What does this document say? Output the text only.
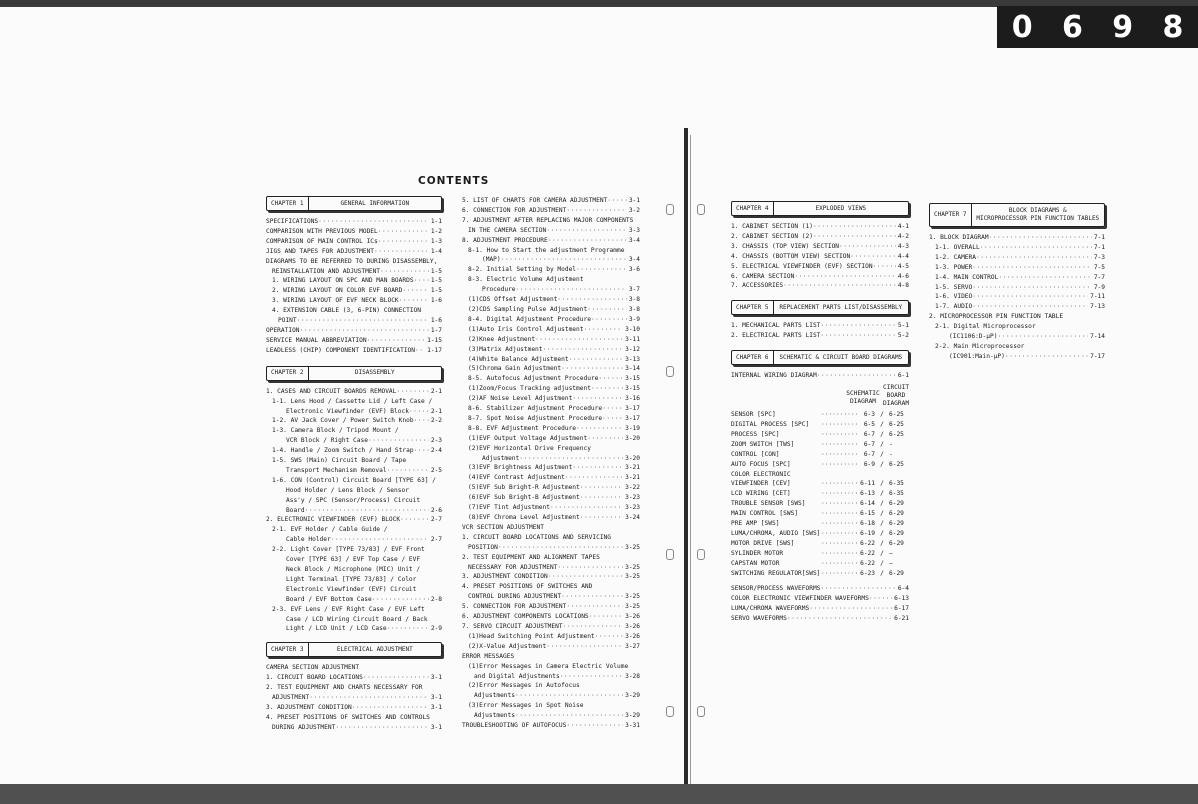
0 6 9 8
CONTENTS
CHAPTER 1	GENERAL INFORMATION
SPECIFICATIONS ·····	1-1
COMPARISON WITH PREVIOUS MODEL ·····	1-2
COMPARISON OF MAIN CONTROL ICs ·····	1-3
JIGS AND TAPES FOR ADJUSTMENT ·····	1-4
DIAGRAMS TO BE REFERRED TO DURING DISASSEMBLY,
REINSTALLATION AND ADJUSTMENT ·····	1-5
1. WIRING LAYOUT ON SPC AND MAN BOARDS ·····	1-5
2. WIRING LAYOUT ON COLOR EVF BOARD ·····	1-5
3. WIRING LAYOUT OF EVF NECK BLOCK ·····	1-6
4. EXTENSION CABLE (3, 6-PIN) CONNECTION
POINT ·····	1-6
OPERATION ·····	1-7
SERVICE MANUAL ABBREVIATION ·····	1-15
LEADLESS (CHIP) COMPONENT IDENTIFICATION ·····	1-17
CHAPTER 2	DISASSEMBLY
1. CASES AND CIRCUIT BOARDS REMOVAL ·····	2-1
1-1. Lens Hood / Cassette Lid / Left Case /
Electronic Viewfinder (EVF) Block ·····	2-1
1-2. AV Jack Cover / Power Switch Knob ·····	2-2
1-3. Camera Block / Tripod Mount /
VCR Block / Right Case ·····	2-3
1-4. Handle / Zoom Switch / Hand Strap ·····	2-4
1-5. SWS (Main) Circuit Board / Tape
Transport Mechanism Removal ·····	2-5
1-6. CON (Control) Circuit Board [TYPE 63] /
Hood Holder / Lens Block / Sensor
Ass'y / SPC (Sensor/Process) Circuit
Board ·····	2-6
2. ELECTRONIC VIEWFINDER (EVF) BLOCK ·····	2-7
2-1. EVF Holder / Cable Guide /
Cable Holder ·····	2-7
2-2. Light Cover [TYPE 73/83] / EVF Front
Cover [TYPE 63] / EVF Top Case / EVF
Neck Block / Microphone (MIC) Unit /
Light Terminal [TYPE 73/83] / Color
Electronic Viewfinder (EVF) Circuit
Board / EVF Bottom Case ·····	2-8
2-3. EVF Lens / EVF Right Case / EVF Left
Case / LCD Wiring Circuit Board / Back
Light / LCD Unit / LCD Case ·····	2-9
CHAPTER 3	ELECTRICAL ADJUSTMENT
CAMERA SECTION ADJUSTMENT
1. CIRCUIT BOARD LOCATIONS ·····	3-1
2. TEST EQUIPMENT AND CHARTS NECESSARY FOR
ADJUSTMENT ·····	3-1
3. ADJUSTMENT CONDITION ·····	3-1
4. PRESET POSITIONS OF SWITCHES AND CONTROLS
DURING ADJUSTMENT ·····	3-1
5. LIST OF CHARTS FOR CAMERA ADJUSTMENT ·····	3-1
6. CONNECTION FOR ADJUSTMENT ·····	3-2
7. ADJUSTMENT AFTER REPLACING MAJOR COMPONENTS
IN THE CAMERA SECTION ·····	3-3
8. ADJUSTMENT PROCEDURE ·····	3-4
8-1. How to Start the adjustment Programme
(MAP) ·····	3-4
8-2. Initial Setting by Model ·····	3-6
8-3. Electric Volume Adjustment
Procedure ·····	3-7
(1)CDS Offset Adjustment ·····	3-8
(2)CDS Sampling Pulse Adjustment ·····	3-8
8-4. Digital Adjustment Procedure ·····	3-9
(1)Auto Iris Control Adjustment ·····	3-10
(2)Knee Adjustment ·····	3-11
(3)Matrix Adjustment ·····	3-12
(4)White Balance Adjustment ·····	3-13
(5)Chroma Gain Adjustment ·····	3-14
8-5. Autofocus Adjustment Procedure ·····	3-15
(1)Zoom/Focus Tracking adjustment ·····	3-15
(2)AF Noise Level Adjustment ·····	3-16
8-6. Stabilizer Adjustment Procedure ·····	3-17
8-7. Spot Noise Adjustment Procedure ·····	3-17
8-8. EVF Adjustment Procedure ·····	3-19
(1)EVF Output Voltage Adjustment ·····	3-20
(2)EVF Horizontal Drive Frequency
Adjustment ·····	3-20
(3)EVF Brightness Adjustment ·····	3-21
(4)EVF Contrast Adjustment ·····	3-21
(5)EVF Sub Bright-R Adjustment ·····	3-22
(6)EVF Sub Bright-B Adjustment ·····	3-23
(7)EVF Tint Adjustment ·····	3-23
(8)EVF Chroma Level Adjustment ·····	3-24
VCR SECTION ADJUSTMENT
1. CIRCUIT BOARD LOCATIONS AND SERVICING
POSITION ·····	3-25
2. TEST EQUIPMENT AND ALIGNMENT TAPES
NECESSARY FOR ADJUSTMENT ·····	3-25
3. ADJUSTMENT CONDITION ·····	3-25
4. PRESET POSITIONS OF SWITCHES AND
CONTROL DURING ADJUSTMENT ·····	3-25
5. CONNECTION FOR ADJUSTMENT ·····	3-25
6. ADJUSTMENT COMPONENTS LOCATIONS ·····	3-26
7. SERVO CIRCUIT ADJUSTMENT ·····	3-26
(1)Head Switching Point Adjustment ·····	3-26
(2)X-Value Adjustment ·····	3-27
ERROR MESSAGES
(1)Error Messages in Camera Electric Volume
and Digital Adjustments ·····	3-28
(2)Error Messages in Autofocus
Adjustments ·····	3-29
(3)Error Messages in Spot Noise
Adjustments ·····	3-29
TROUBLESHOOTING OF AUTOFOCUS ·····	3-31
CHAPTER 4	EXPLODED VIEWS
1. CABINET SECTION (1) ·····	4-1
2. CABINET SECTION (2) ·····	4-2
3. CHASSIS (TOP VIEW) SECTION ·····	4-3
4. CHASSIS (BOTTOM VIEW) SECTION ·····	4-4
5. ELECTRICAL VIEWFINDER (EVF) SECTION ·····	4-5
6. CAMERA SECTION ·····	4-6
7. ACCESSORIES ·····	4-8
CHAPTER 5	REPLACEMENT PARTS LIST/DISASSEMBLY
1. MECHANICAL PARTS LIST ·····	5-1
2. ELECTRICAL PARTS LIST ·····	5-2
CHAPTER 6	SCHEMATIC & CIRCUIT BOARD DIAGRAMS
INTERNAL WIRING DIAGRAM ·····	6-1
SCHEMATIC DIAGRAM
CIRCUIT BOARD DIAGRAM
SENSOR [SPC] ·····	6-3 / 6-25
DIGITAL PROCESS [SPC] ·····	6-5 / 6-25
PROCESS [SPC] ·····	6-7 / 6-25
ZOOM SWITCH [TWS] ·····	6-7 / -
CONTROL [CON] ·····	6-7 / -
AUTO FOCUS [SPC] ·····	6-9 / 6-25
COLOR ELECTRONIC
VIEWFINDER [CEV] ·····	6-11 / 6-35
LCD WIRING [CET] ·····	6-13 / 6-35
TROUBLE SENSOR [SWS] ·····	6-14 / 6-29
MAIN CONTROL [SWS] ·····	6-15 / 6-29
PRE AMP [SWS] ·····	6-18 / 6-29
LUMA/CHROMA, AUDIO [SWS] ·····	6-19 / 6-29
MOTOR DRIVE [SWS] ·····	6-22 / 6-29
SYLINDER MOTOR ·····	6-22 / —
CAPSTAN MOTOR ·····	6-22 / —
SWITCHING REGULATOR[SWS] ·····	6-23 / 6-29
SENSOR/PROCESS WAVEFORMS ·····	6-4
COLOR ELECTRONIC VIEWFINDER WAVEFORMS ·····	6-13
LUMA/CHROMA WAVEFORMS ·····	6-17
SERVO WAVEFORMS ·····	6-21
CHAPTER 7
BLOCK DIAGRAMS &
MICROPROCESSOR PIN FUNCTION TABLES
1. BLOCK DIAGRAM ·····	7-1
1-1. OVERALL ·····	7-1
1-2. CAMERA ·····	7-3
1-3. POWER ·····	7-5
1-4. MAIN CONTROL ·····	7-7
1-5. SERVO ·····	7-9
1-6. VIDEO ·····	7-11
1-7. AUDIO ·····	7-13
2. MICROPROCESSOR PIN FUNCTION TABLE
2-1. Digital Microprocessor
(IC1106:D-µP) ·····	7-14
2-2. Main Microprocessor
(IC901:Main-µP) ·····	7-17
